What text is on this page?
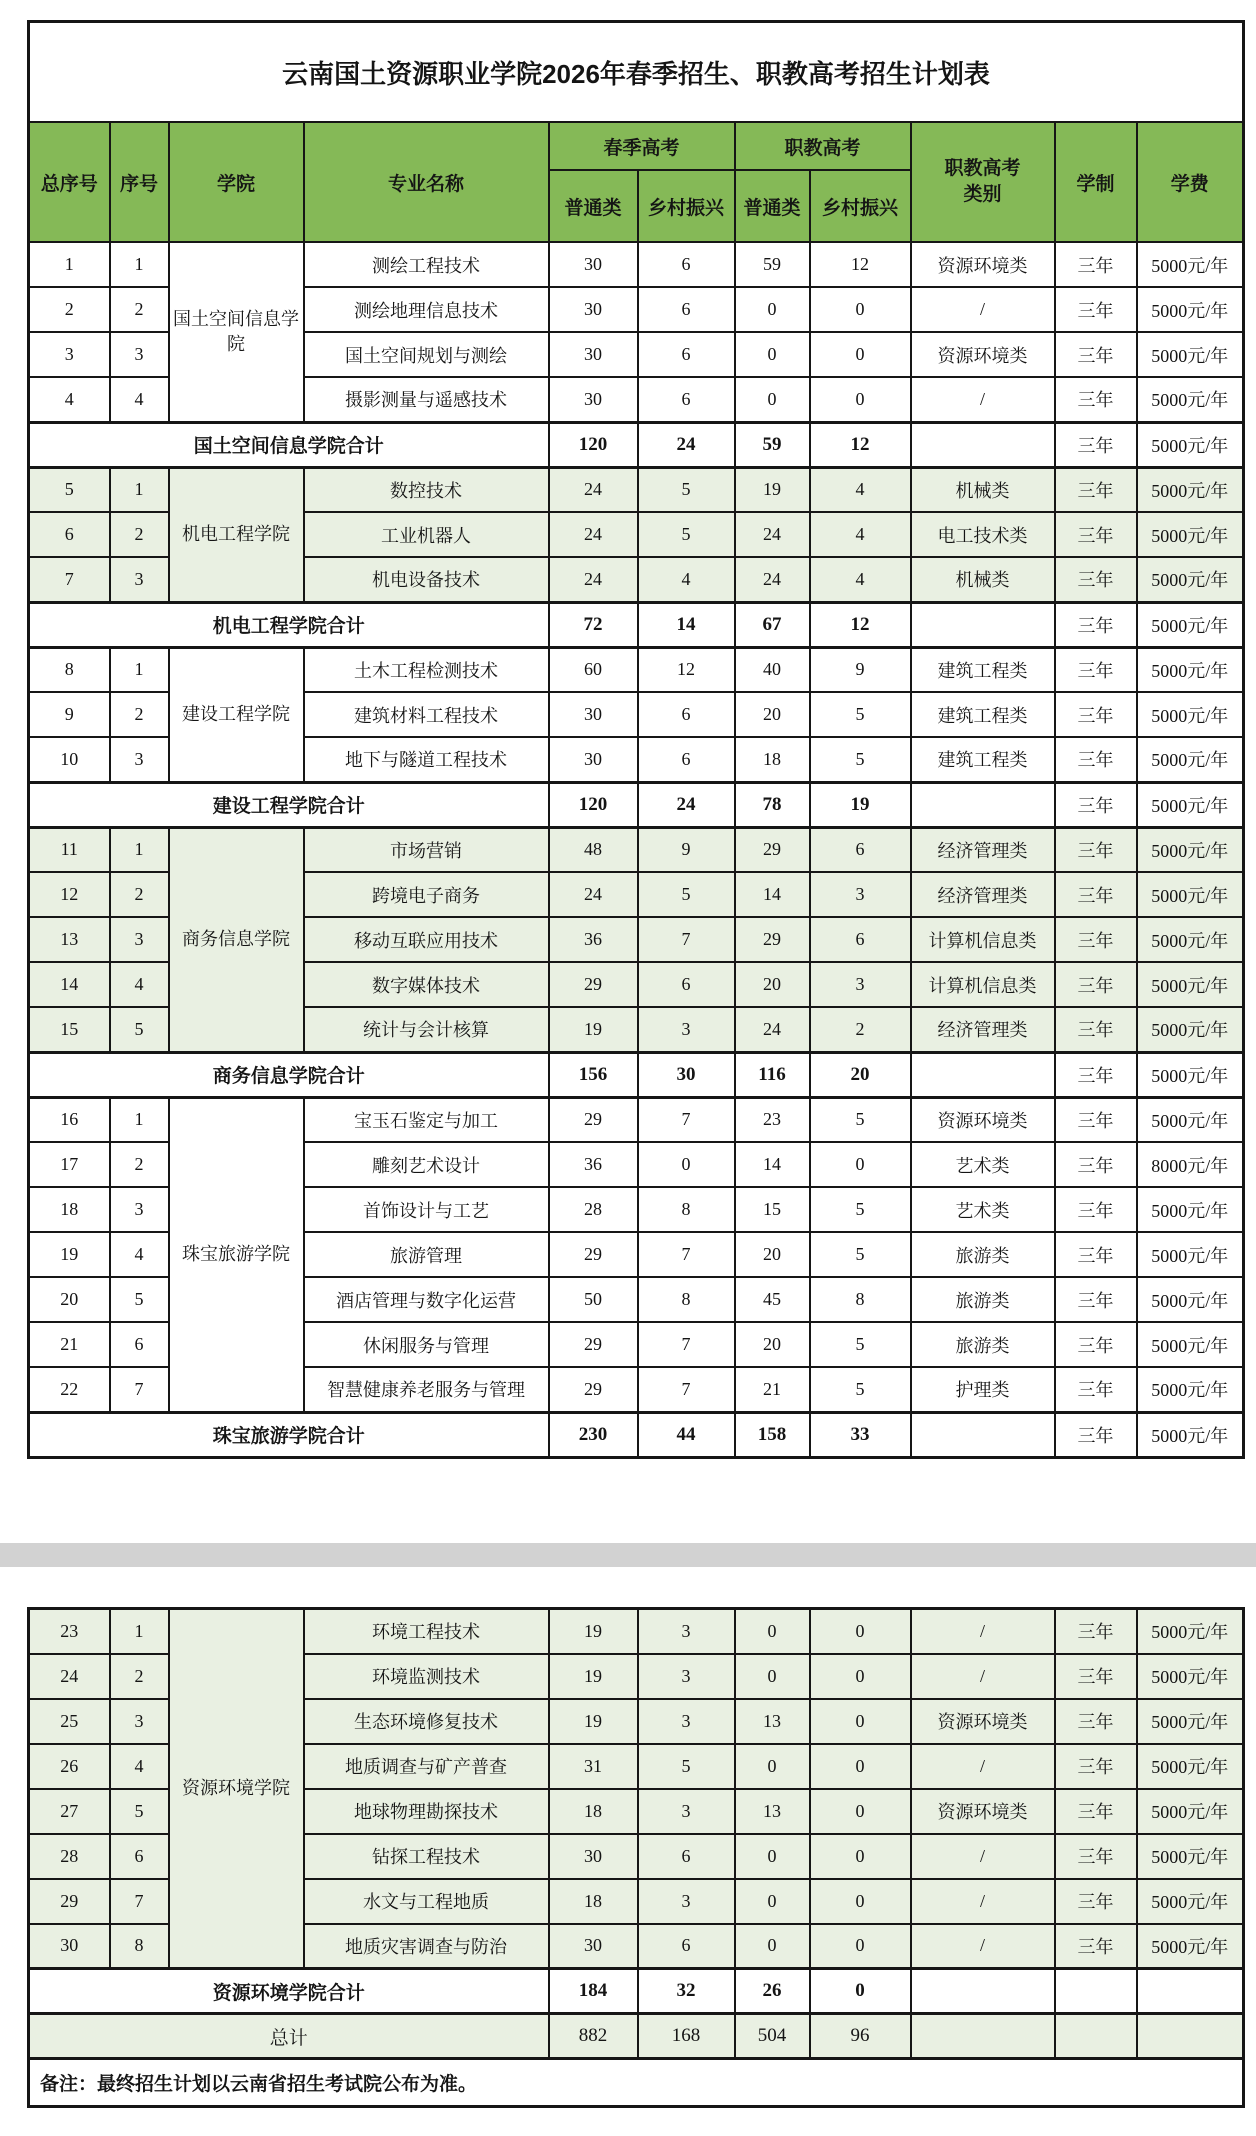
云南国土资源职业学院2026年春季招生、职教高考招生计划表										
总序号	序号	学院	专业名称	春季高考		职教高考		职教高考类别	学制	学费
				普通类	乡村振兴	普通类	乡村振兴			
1	1	国土空间信息学院	测绘工程技术	30	6	59	12	资源环境类	三年	5000元/年
2	2		测绘地理信息技术	30	6	0	0	/	三年	5000元/年
3	3		国土空间规划与测绘	30	6	0	0	资源环境类	三年	5000元/年
4	4		摄影测量与遥感技术	30	6	0	0	/	三年	5000元/年
国土空间信息学院合计				120	24	59	12		三年	5000元/年
5	1	机电工程学院	数控技术	24	5	19	4	机械类	三年	5000元/年
6	2		工业机器人	24	5	24	4	电工技术类	三年	5000元/年
7	3		机电设备技术	24	4	24	4	机械类	三年	5000元/年
机电工程学院合计				72	14	67	12		三年	5000元/年
8	1	建设工程学院	土木工程检测技术	60	12	40	9	建筑工程类	三年	5000元/年
9	2		建筑材料工程技术	30	6	20	5	建筑工程类	三年	5000元/年
10	3		地下与隧道工程技术	30	6	18	5	建筑工程类	三年	5000元/年
建设工程学院合计				120	24	78	19		三年	5000元/年
11	1	商务信息学院	市场营销	48	9	29	6	经济管理类	三年	5000元/年
12	2		跨境电子商务	24	5	14	3	经济管理类	三年	5000元/年
13	3		移动互联应用技术	36	7	29	6	计算机信息类	三年	5000元/年
14	4		数字媒体技术	29	6	20	3	计算机信息类	三年	5000元/年
15	5		统计与会计核算	19	3	24	2	经济管理类	三年	5000元/年
商务信息学院合计				156	30	116	20		三年	5000元/年
16	1	珠宝旅游学院	宝玉石鉴定与加工	29	7	23	5	资源环境类	三年	5000元/年
17	2		雕刻艺术设计	36	0	14	0	艺术类	三年	8000元/年
18	3		首饰设计与工艺	28	8	15	5	艺术类	三年	5000元/年
19	4		旅游管理	29	7	20	5	旅游类	三年	5000元/年
20	5		酒店管理与数字化运营	50	8	45	8	旅游类	三年	5000元/年
21	6		休闲服务与管理	29	7	20	5	旅游类	三年	5000元/年
22	7		智慧健康养老服务与管理	29	7	21	5	护理类	三年	5000元/年
珠宝旅游学院合计				230	44	158	33		三年	5000元/年
23	1	资源环境学院	环境工程技术	19	3	0	0	/	三年	5000元/年
24	2		环境监测技术	19	3	0	0	/	三年	5000元/年
25	3		生态环境修复技术	19	3	13	0	资源环境类	三年	5000元/年
26	4		地质调查与矿产普查	31	5	0	0	/	三年	5000元/年
27	5		地球物理勘探技术	18	3	13	0	资源环境类	三年	5000元/年
28	6		钻探工程技术	30	6	0	0	/	三年	5000元/年
29	7		水文与工程地质	18	3	0	0	/	三年	5000元/年
30	8		地质灾害调查与防治	30	6	0	0	/	三年	5000元/年
资源环境学院合计				184	32	26	0			
总计				882	168	504	96			
备注：最终招生计划以云南省招生考试院公布为准。										
